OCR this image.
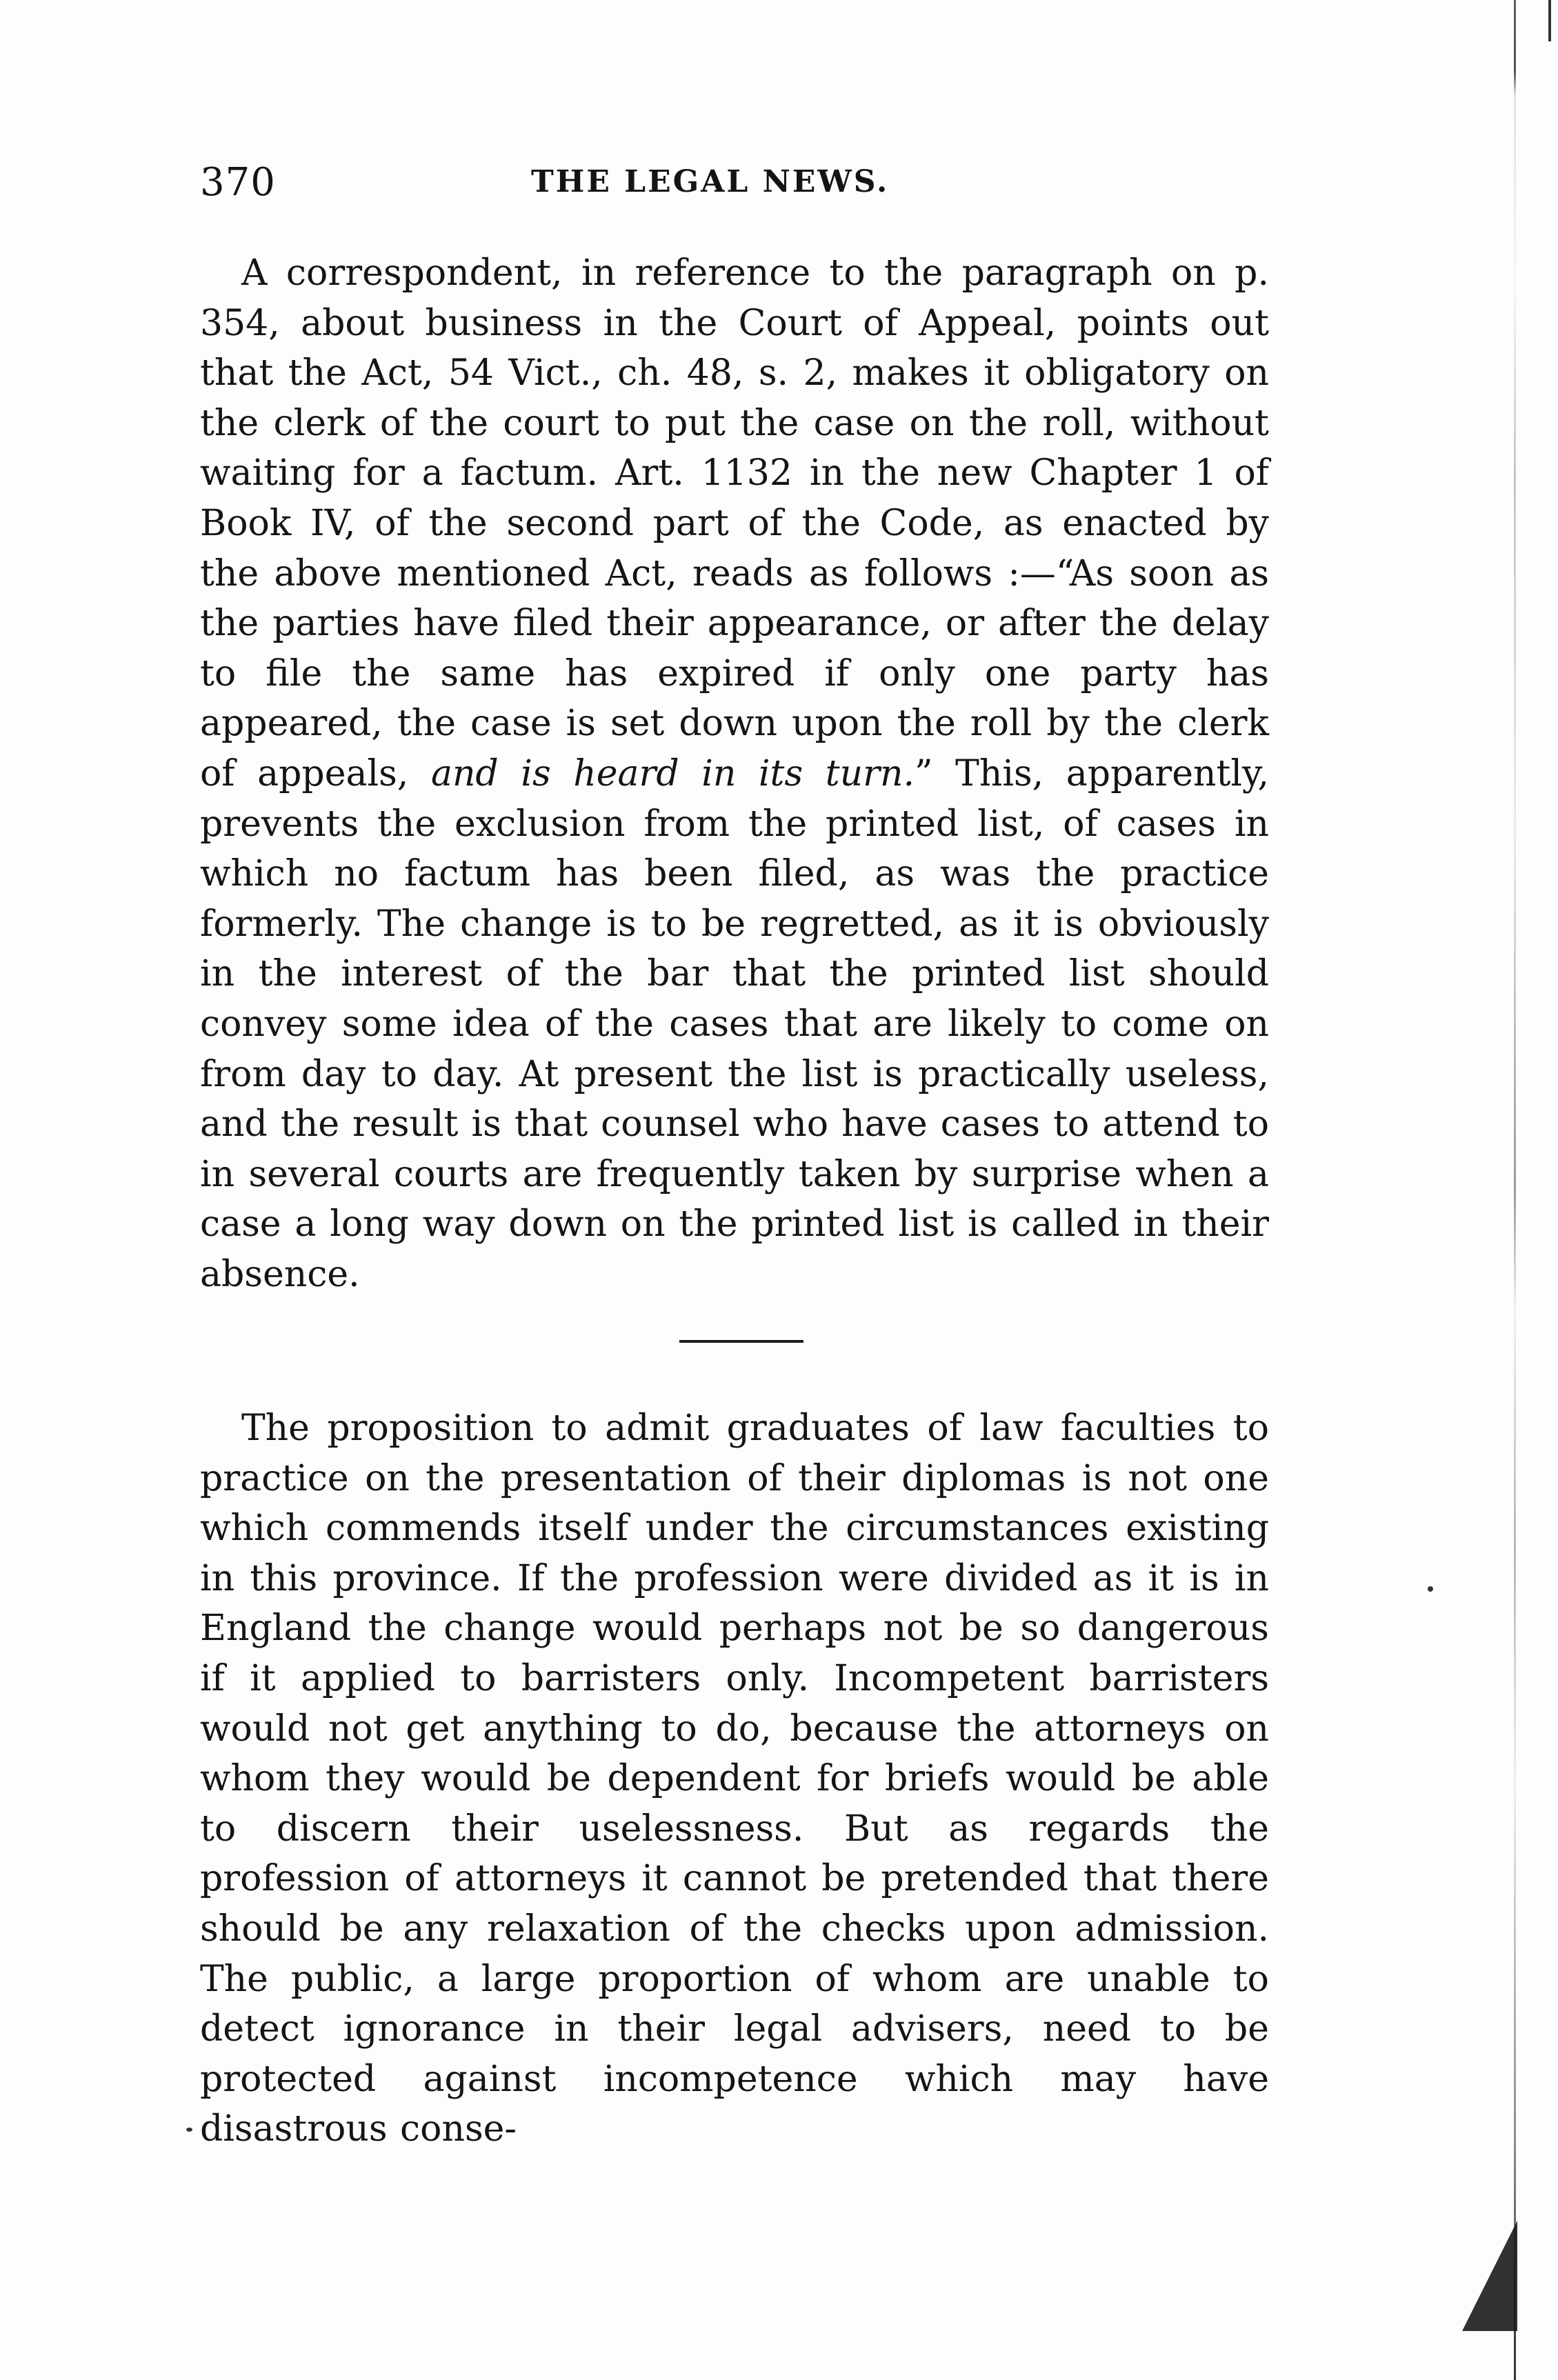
370	THE LEGAL NEWS.

A correspondent, in reference to the paragraph on p. 354, about business in the Court of Appeal, points out that the Act, 54 Vict., ch. 48, s. 2, makes it obligatory on the clerk of the court to put the case on the roll, without waiting for a factum. Art. 1132 in the new Chapter 1 of Book IV, of the second part of the Code, as enacted by the above mentioned Act, reads as follows :—“As soon as the parties have filed their appearance, or after the delay to file the same has expired if only one party has appeared, the case is set down upon the roll by the clerk of appeals, and is heard in its turn.” This, apparently, prevents the exclusion from the printed list, of cases in which no factum has been filed, as was the practice formerly. The change is to be regretted, as it is obviously in the interest of the bar that the printed list should convey some idea of the cases that are likely to come on from day to day. At present the list is practically useless, and the result is that counsel who have cases to attend to in several courts are frequently taken by surprise when a case a long way down on the printed list is called in their absence.

The proposition to admit graduates of law faculties to practice on the presentation of their diplomas is not one which commends itself under the circumstances existing in this province. If the profession were divided as it is in England the change would perhaps not be so dangerous if it applied to barristers only. Incompetent barristers would not get anything to do, because the attorneys on whom they would be dependent for briefs would be able to discern their uselessness. But as regards the profession of attorneys it cannot be pretended that there should be any relaxation of the checks upon admission. The public, a large proportion of whom are unable to detect ignorance in their legal advisers, need to be protected against incompetence which may have disastrous conse-
